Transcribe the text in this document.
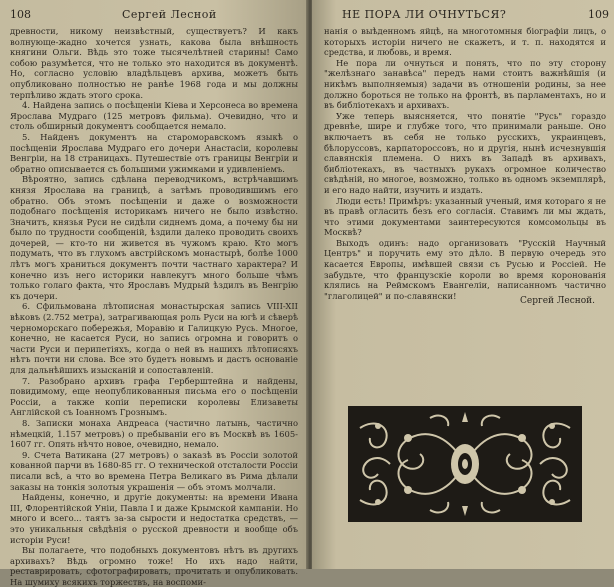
108	Сергей Лесной

древности, никому неизвѣстный, существуетъ? И какъ волнующе-жадно хочется узнать, какова была внѣшность княгини Ольги. Вѣдь это тоже тысячелѣтней старины! Само собою разумѣется, что не только это находится въ документѣ. Но, согласно условію владѣльцевъ архива, можетъ быть опубликовано полностью не ранѣе 1968 года и мы должны терпѣливо ждать этого срока.

4. Найдена запись о посѣщеніи Кіева и Херсонеса во времена Ярослава Мудраго (125 метровъ фильма). Очевидно, что и столь обширный документъ сообщается немало.

5. Найденъ документъ на староморавскомъ языкѣ о посѣщеніи Ярослава Мудраго его дочери Анастасіи, королевы Венгріи, на 18 страницахъ. Путешествіе отъ границы Венгріи и обратно описывается съ большими ужимками и удивленіемъ.

Вѣроятно, запись сдѣлана переводчикомъ, встрѣчавшимъ князя Ярослава на границѣ, а затѣмъ проводившимъ его обратно. Объ этомъ посѣщеніи и даже о возможности подобнаго посѣщенія историкамъ ничего не было извѣстно. Значитъ, князья Руси не сидѣли сиднемъ дома, а почему бы ни было по трудности сообщеній, ѣздили далеко проводить своихъ дочерей, — кто-то ни живется въ чужомъ краю. Кто могъ подумать, что въ глухомъ австрійскомъ монастырѣ, болѣе 1000 лѣтъ могъ храниться документъ почти частнаго характера? И конечно изъ него историки навлекутъ много больше чѣмъ только голаго факта, что Ярославъ Мудрый ѣздилъ въ Венгрію къ дочери.

6. Сфильмована лѣтописная монастырская запись VIII-XII вѣковъ (2.752 метра), затрагивающая роль Руси на югѣ и сѣверѣ черноморскаго побережья, Моравію и Галицкую Русь. Многое, конечно, не касается Руси, но запись огромна и говоритъ о части Руси и перипетіяхъ, когда о ней въ нашихъ лѣтописяхъ нѣтъ почти ни слова. Все это будетъ новымъ и дастъ основаніе для дальнѣйшихъ изысканій и сопоставленій.

7. Разобрано архивъ графа Герберштейна и найдены, повидимому, еще неопубликованныя письма его о посѣщеніи Россіи, а также копіи переписки королевы Елизаветы Англійской съ Іоанномъ Грознымъ.

8. Записки монаха Андреаса (частично латынь, частично нѣмецкій, 1.157 метровъ) о пребываніи его въ Москвѣ въ 1605-1607 гг. Опять нѣчто новое, очевидно, немало.

9. Счета Ватикана (27 метровъ) о заказѣ въ Россіи золотой кованной парчи въ 1680-85 гг. О технической отсталости Россіи писали всѣ, а что во времена Петра Великаго въ Рима дѣлали заказы на тонкія золотыя украшенія — объ этомъ молчали.

Найдены, конечно, и другіе документы: на времени Ивана III, Флорентійской Уніи, Павла I и даже Крымской кампаніи. Но много и всего... таятъ за-за сырости и недостатка средствъ, — это уникальныя свѣдѣнія о русской древности и вообще объ исторіи Руси!

Вы полагаете, что подобныхъ документовъ нѣтъ въ другихъ архивахъ? Вѣдь огромно тоже! Но ихъ надо найти, реставрировать, сфотографировать, прочитать и опубликовать. На шумиху всякихъ торжествъ, на воспоми-

НЕ ПОРА ЛИ ОЧНУТЬСЯ?	109

нанія о выѣденномъ яйцѣ, на многотомныя біографіи лицъ, о которыхъ исторіи ничего не скажетъ, и т. п. находятся и средства, и любовь, и время.

Не пора ли очнуться и понять, что по эту сторону "желѣзнаго занавѣса" передъ нами стоитъ важнѣйшія (и никѣмъ выполняемыя) задачи въ отношеніи родины, за нее должно бороться не только на фронтѣ, въ парламентахъ, но и въ библіотекахъ и архивахъ.

Уже теперь выясняется, что понятіе "Русь" гораздо древнѣе, шире и глубже того, что принимали раньше. Оно включаетъ въ себя не только русскихъ, украинцевъ, бѣлоруссовъ, карпатороссовъ, но и другія, нынѣ исчезнувшія славянскія племена. О нихъ въ Западѣ въ архивахъ, библіотекахъ, въ частныхъ рукахъ огромное количество свѣдѣній, но многое, возможно, только въ одномъ экземплярѣ, и его надо найти, изучить и издать.

Люди есть! Примѣръ: указанный ученый, имя котораго я не въ правѣ огласить безъ его согласія. Ставимъ ли мы ждать, что этими документами заинтересуются комсомольцы въ Москвѣ?

Выходъ одинъ: надо организовать "Русскій Научный Центръ" и поручить ему это дѣло. В первую очередь это касается Европы, имѣвшей связи съ Русью и Россіей. Не забудьте, что французскіе короли во время коронованія клялись на Реймскомъ Евангеліи, написанномъ частично "глаголицей" и по-славянски!

Сергей Лесной.
